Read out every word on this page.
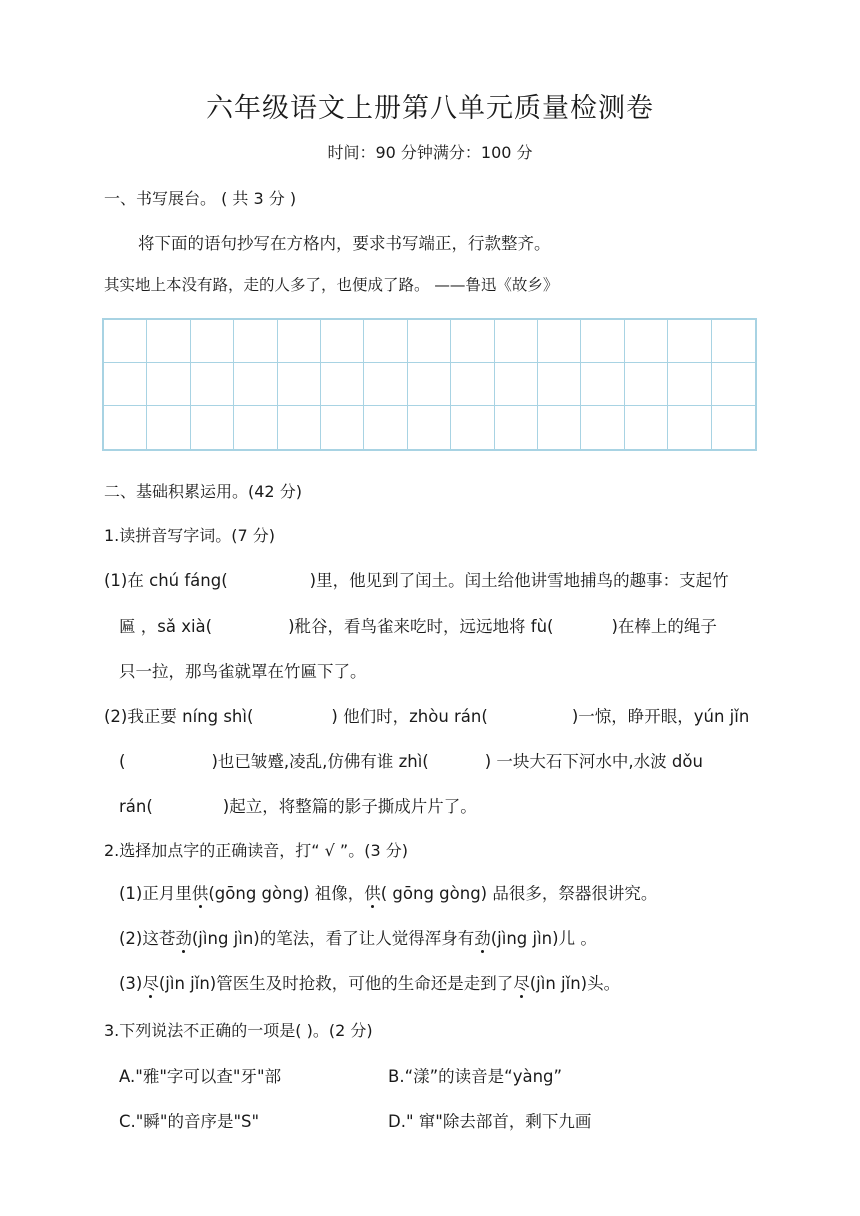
六年级语文上册第八单元质量检测卷
时间：90 分钟满分：100 分
一、书写展台。 ( 共 3 分 )
将下面的语句抄写在方格内，要求书写端正，行款整齐。
其实地上本没有路，走的人多了，也便成了路。 ——鲁迅《故乡》
二、基础积累运用。(42 分)
1.读拼音写字词。(7 分)
(1)在 chú fáng(	)里，他见到了闰土。闰土给他讲雪地捕鸟的趣事：支起竹
匾 ，sǎ xià(	)秕谷，看鸟雀来吃时，远远地将 fù(	)在棒上的绳子
只一拉，那鸟雀就罩在竹匾下了。
(2)我正要 níng shì(	) 他们时，zhòu rán(	)一惊，睁开眼，yún jǐn
(	)也已皱蹙,凌乱,仿佛有谁 zhì(	) 一块大石下河水中,水波 dǒu
rán(	)起立，将整篇的影子撕成片片了。
2.选择加点字的正确读音，打“ √ ”。(3 分)
(1)正月里供(gōng gòng) 祖像，供( gōng gòng) 品很多，祭器很讲究。
(2)这苍劲(jìng jìn)的笔法，看了让人觉得浑身有劲(jìng jìn)儿 。
(3)尽(jìn jǐn)管医生及时抢救，可他的生命还是走到了尽(jìn jǐn)头。
3.下列说法不正确的一项是( )。(2 分)
A."雅"字可以查"牙"部	B.“漾”的读音是“yàng”
C."瞬"的音序是"S"	D." 窜"除去部首，剩下九画
